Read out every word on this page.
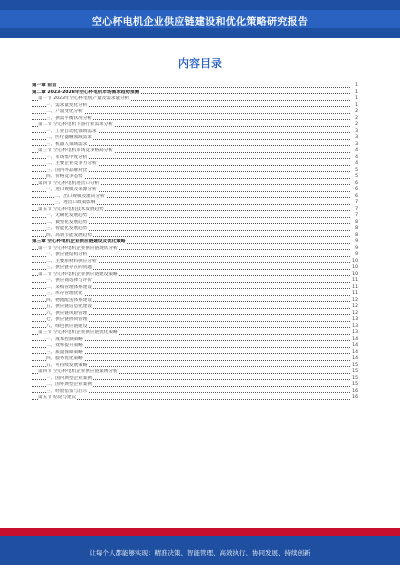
空心杯电机企业供应链建设和优化策略研究报告
内容目录
第一章 前言	1
第二章 2023-2028年空心杯电机市场需求趋势预测	1
第一节 2023年空心杯电机产量及需求量分析	1
一、需求量变化分析	1
二、产量变化分析	2
三、供需平衡状况分析	2
第二节 空心杯电机下游行业需求分析	2
一、工业自动化领域需求	3
二、医疗器械领域需求	3
三、机器人领域需求	3
第三节 空心杯电机市场竞争格局分析	4
一、市场集中度分析	4
二、主要企业竞争力分析	4
三、国内外品牌对比	5
四、价格竞争态势	5
第四节 空心杯电机进出口分析	6
一、进口规模及来源分析	6
二、出口规模及流向分析	6
三、进出口政策影响	7
第五节 空心杯电机技术发展趋势	7
一、无刷化发展趋势	7
二、微型化发展趋势	8
三、智能化发展趋势	8
四、高效节能发展趋势	8
第三章 空心杯电机企业供应链建设及优化策略	9
第一节 空心杯电机企业供应链现状分析	9
一、供应链结构分析	9
二、主要原材料供应分析	10
三、供应链存在的问题	10
第二节 空心杯电机企业供应链建设策略	10
一、供应商选择与评价	11
二、采购管理体系建设	11
三、库存管理优化	11
四、物流配送体系建设	12
五、供应链信息化建设	12
六、供应链风险管理	12
七、供应链协同管理	13
八、绿色供应链建设	13
第三节 空心杯电机企业供应链优化策略	13
一、成本控制策略	14
二、效率提升策略	14
三、质量保障策略	14
四、服务优化策略	14
五、可持续发展策略	15
第四节 空心杯电机企业供应链案例分析	15
一、国内典型企业案例	15
二、国外典型企业案例	15
三、经验借鉴与启示	16
第五节 结论与建议	16
让每个人都能够实现：精准决策、智能管理、高效执行、协同发展、持续创新
